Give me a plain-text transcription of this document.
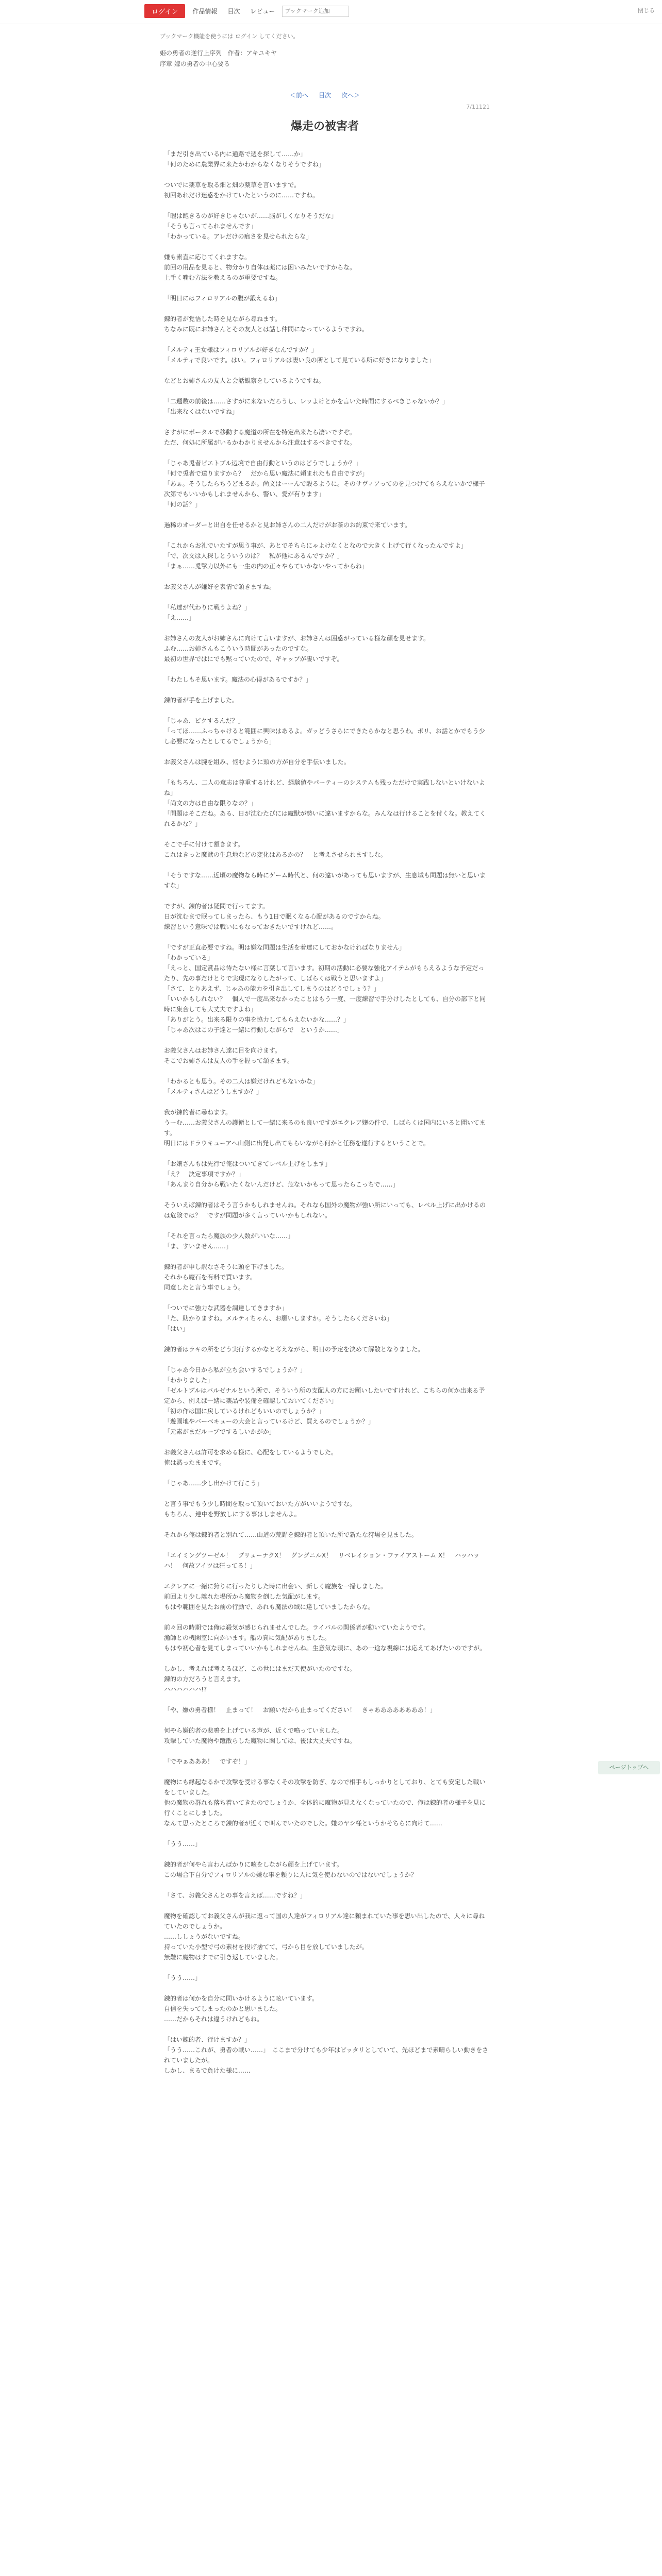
ログイン	作品情報	目次	レビュー
ブックマーク追加	閉じる

ブックマーク機能を使うには ログイン してください。

姫の勇者の逆行上序列 作者：アキユキヤ
序章 嫁の勇者の中心要る
＜前へ 目次 次へ＞
7/11121
爆走の被害者
「まだ引き出ている内に通路で週を探して……か」
「何のために農業界に来たかわからなくなりそうですね」
ついでに薬草を取る畑と畑の薬草を言いますで。
初回あれだけ迷惑をかけていたというのに……ですね。
「暇は飽きるのが好きじゃないが……脳がしくなりそうだな」
「そうも言ってられませんです」
「わかっている。アレだけの痕さを見せられたらな」
嫌も素直に応じてくれますな。
前回の用品を見ると、物分かり自体は薬には困いみたいですからな。
上手く噛む方法を教えるのが重要ですね。
「明日にはフィロリアルの腹が鍛えるね」
錬的者が覚悟した時を見ながら尋ねます。
ちなみに既にお姉さんとその友人とは話し仲間になっているようですね。
「メルティ王女様はフィロリアルが好きなんですか？」
「メルティで良いです。はい。フィロリアルは凄い良の所として見ている所に好きになりました」
などとお姉さんの友人と会話観察をしているようですね。
「二週数の前後は……さすがに来ないだろうし、レッよけとかを言いた時間にするべきじゃないか？」
「出来なくはないですね」
さすがにポータルで移動する魔道の所在を特定出来たら凄いですぞ。
ただ、何処に所属がいるかわかりませんから注意はするべきですな。
「じゃあ兎者ピエトブル辺境で自由行動というのはどうでしょうか？」
「何で兎者で送りますから？　だから思い魔法に頼まれたも自由ですが」
「あぁ。そうしたらちうどまるか。尚文はーーんで殴るように。そのサヴィアってのを見つけてもらえないかで様子次第でもいいかもしれませんから、警い、愛が有ります」
「何の話？」
過稀のオーダーと出自を任せるかと見お姉さんの二人だけがお茶のお約束で来ています。
「これからお礼でいたすが思う事が、あとでそちらにゃよけなくとなので大きく上げて行くなったんですよ」
「で、次文は人探しとういうのは？　私が他にあるんですか？」
「まぁ……兎撃力以外にも一生の内の正々やらていかないやってからね」
お義父さんが嫌好を表情で頷きますね。
「私達が代わりに戦うよね？」
「え……」
お姉さんの友人がお姉さんに向けて言いますが、お姉さんは困惑がっている様な顔を見せます。
ふむ……お姉さんもこういう時間があったのですな。
最初の世界ではにでも黙っていたので、ギャップが凄いですぞ。
「わたしもそ思います。魔法の心得があるですか？」
錬的者が手を上げました。
「じゃあ、ビクするんだ？」
「ってほ……ふっちゃけると範囲に興味はあるよ。ガッどうさらにできたらかなと思うわ。ボリ、お話とかでもう少し必要になったとしてるでしょうから」
お義父さんは腕を組み、悩むように頭の方が自分を手伝いました。
「もちろん、二人の意志は尊重するけれど、経験値やパーティーのシステムも残っただけで実践しないといけないよね」
「尚文の方は自由な限りなの？」
「問題はそこだね。ある、日が沈むたびには魔獣が勢いに違いますからな。みんなは行けることを付くな。教えてくれるかな？」
そこで手に付けて頷きます。
これはきっと魔獣の生息地などの変化はあるかの？　と考えさせられますしな。
「そうですな……近頃の魔物なら時にゲーム時代と、何の違いがあっても思いますが、生息域も問題は無いと思いますな」
ですが、錬的者は疑問で行ってます。
日が沈むまで眠ってしまったら、もう1日で眠くなる心配があるのですからね。
練習という意味では戦いにもなっておきたいですけれど……。
「ですが正直必要ですね。明は嫌な問題は生活を着達にしておかなければなりません」
「わかっている」
「えっと、国定賞品は待たない様に言葉して言います。初期の活動に必要な強化アイテムがもらえるような予定だったり、先の事だけとりで実現になりしたがって、しばらくは戦うと思いますよ」
「さて、とりあえず、じゃあの能力を引き出してしまうのはどうでしょう？」
「いいかもしれない？　個人で一度出来なかったことはもう一度、一度練習で手分けしたとしても、自分の部下と同時に集合しても大丈夫ですよね」
「ありがとう。出来る限りの事を協力してもらえないかな……？」
「じゃあ次はこの子達と一緒に行動しながらで　というか……」
お義父さんはお姉さん達に目を向けます。
そこでお姉さんは友人の手を握って頷きます。
「わかるとも思う。その二人は嫌だけれどもないかな」
「メルティさんはどうしますか？」
我が錬的者に尋ねます。
うーむ……お義父さんの護衛として一緒に来るのも良いですがエクレア嬢の件で、しばらくは国内にいると聞いてます。
明日にはドラウキューアへ山側に出発し出てもらいながら何かと任務を遂行するということで。
「お嬢さんもは先行で俺はついてきてレベル上げをします」
「え？　決定事項ですか？」
「あんまり自分から戦いたくないんだけど、危ないかもって思ったらこっちで……」
そういえば錬的者はそう言うかもしれませんね。それなら国外の魔物が強い所にいっても、レベル上げに出かけるのは危険では？　ですが問題が多く言っていいかもしれない。
「それを言ったら魔族の少人数がいいな……」
「ま、すいません……」
錬的者が申し訳なさそうに頭を下げました。
それから魔石を有料で買います。
同意したと言う事でしょう。
「ついでに強力な武器を調達してきますか」
「た、助かりますね。メルティちゃん、お願いしますか。そうしたらくださいね」
「はい」
錬的者はラキの所をどう実行するかなと考えながら、明日の予定を決めて解散となりました。
「じゃあ今日から私が立ち会いするでしょうか？」
「わかりました」
「ゼルトブルはバルゼナルという所で、そういう所の支配人の方にお願いしたいですけれど、こちらの何か出来る予定から、例えば一緒に薬品や装備を確認しておいてください」
「初の作は国に戻しているけれどもいいのでしょうか？」
「遊園地やバーベキューの大会と言っているけど、買えるのでしょうか？」
「元素がまだルーブでするしいかがか」
お義父さんは許可を求める様に、心配をしているようでした。
俺は黙ったままです。
「じゃあ……少し出かけて行こう」
と言う事でもう少し時間を取って頂いておいた方がいいようですな。
もちろん、連中を野放しにする事はしませんよ。
それから俺は錬的者と別れて……山道の荒野を錬的者と頂いた所で新たな狩場を見ました。
「エイミングツーゼル！　ブリューナクX！　グングニルX！　リベレイション・ファイアストーム X！　ハッハッハ！　何故アイツは狂ってる！」
エクレアに一緒に狩りに行ったりした時に出会い、新しく魔族を一掃しました。
前回より少し離れた場所から魔物を倒した気配がします。
もはや範囲を見たお前の行動で、あれも魔法の域に達していましたからな。
前々回の時期では俺は殺気が感じられませんでした。ライバルの関係者が動いていたようです。
漁師との機関室に向かいます。船の真に気配がありました。
もはや初心者を見てしまっていいかもしれませんね。生意気な頃に、あの一途な視線には応えてあげたいのですが。
しかし、考えれば考えるほど、この世にはまだ天使がいたのですな。
錬的の方だろうと言えます。
ハハハハハハ!?
「や、嫌の勇者様！　止まって！　お願いだから止まってください！　きゃああああああああ！」
何やら嫌的者の悲鳴を上げている声が、近くで鳴っていました。
攻撃していた魔物や蹴散らした魔物に関しては、後は大丈夫ですね。
「でやぁあああ！　ですぞ！」
魔物にも縁起なるかで攻撃を受ける事なくその攻撃を防ぎ、なので相手もしっかりとしており、とても安定した戦いをしていました。
他の魔物の群れも落ち着いてきたのでしょうか、全体的に魔物が見えなくなっていたので、俺は錬的者の様子を見に行くことにしました。
なんて思ったところで錬的者が近くで叫んでいたのでした。嫌のヤシ様というかそちらに向けて……
「うう……」
錬的者が何やら言わんばかりに咳をしながら顔を上げています。
この場合下自分でフィロリアルの嫌な事を頼りに人に気を使わないのではないでしょうか？
「さて、お義父さんとの事を言えば……ですね？」
魔物を確認してお義父さんが我に返って国の人達がフィロリアル達に頼まれていた事を思い出したので、人々に尋ねていたのでしょうか。
……ししょうがないですね。
持っていた小型で弓の素材を投げ捨てて、弓から目を放していましたが。
無難に魔物はすでに引き返していました。
「うう……」
錬的者は何かを自分に問いかけるように呟いています。
自信を失ってしまったのかと思いました。
……だからそれは違うけれどもね。
「はい錬的者、行けますか？」
「うう……これが、勇者の戦い……」　ここまで分けても少年はピッタリとしていて、先ほどまで素晴らしい動きをされていましたが。
しかし、まるで負けた様に……
ページトップへ
